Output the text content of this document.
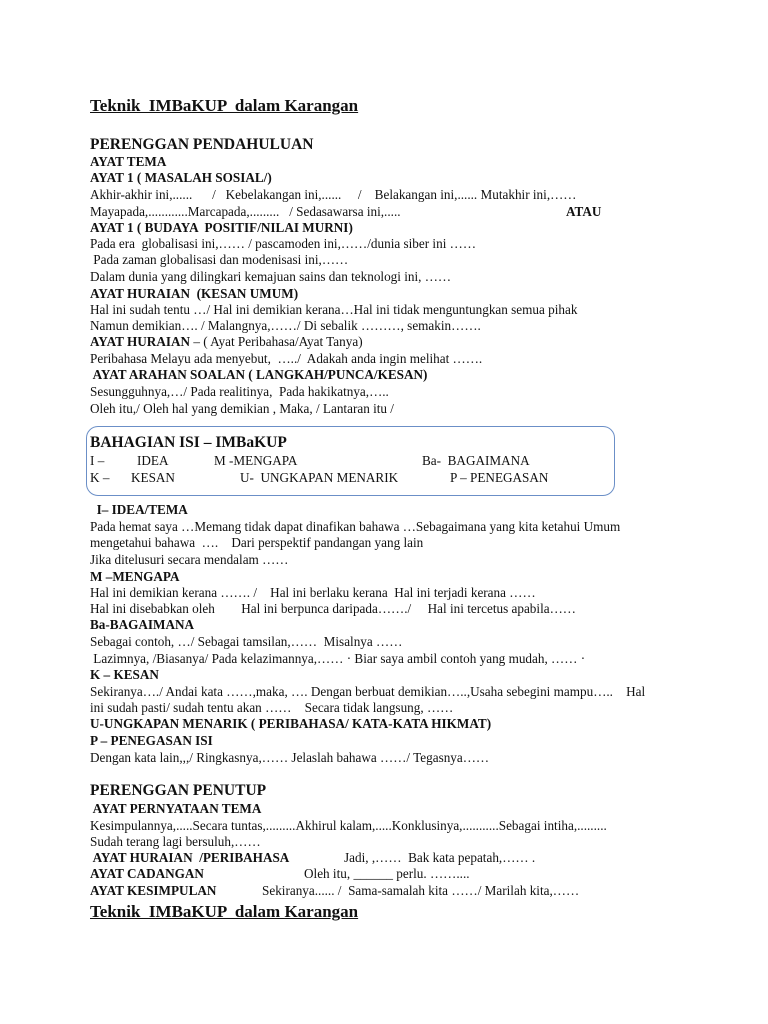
Teknik  IMBaKUP  dalam Karangan
PERENGGAN PENDAHULUAN
AYAT TEMA
AYAT 1 ( MASALAH SOSIAL/)
Akhir-akhir ini,......      /   Kebelakangan ini,......     /    Belakangan ini,...... Mutakhir ini,……
Mayapada,............Marcapada,.........   / Sedasawarsa ini,.....	ATAU
AYAT 1 ( BUDAYA  POSITIF/NILAI MURNI)
Pada era  globalisasi ini,…… / pascamoden ini,……/dunia siber ini ……
Pada zaman globalisasi dan modenisasi ini,……
Dalam dunia yang dilingkari kemajuan sains dan teknologi ini, ……
AYAT HURAIAN  (KESAN UMUM)
Hal ini sudah tentu …/ Hal ini demikian kerana…Hal ini tidak menguntungkan semua pihak
Namun demikian…. / Malangnya,……/ Di sebalik ………, semakin…….
AYAT HURAIAN – ( Ayat Peribahasa/Ayat Tanya)
Peribahasa Melayu ada menyebut,  …../  Adakah anda ingin melihat …….
AYAT ARAHAN SOALAN ( LANGKAH/PUNCA/KESAN)
Sesungguhnya,…/ Pada realitinya,  Pada hakikatnya,…..
Oleh itu,/ Oleh hal yang demikian , Maka, / Lantaran itu /
BAHAGIAN ISI – IMBaKUP
I – IDEA	M -MENGAPA	Ba-  BAGAIMANA
K – KESAN	U-  UNGKAPAN MENARIK	P – PENEGASAN
I– IDEA/TEMA
Pada hemat saya …Memang tidak dapat dinafikan bahawa …Sebagaimana yang kita ketahui Umum
mengetahui bahawa  ….    Dari perspektif pandangan yang lain
Jika ditelusuri secara mendalam ……
M –MENGAPA
Hal ini demikian kerana ……. /    Hal ini berlaku kerana  Hal ini terjadi kerana ……
Hal ini disebabkan oleh        Hal ini berpunca daripada……./     Hal ini tercetus apabila……
Ba-BAGAIMANA
Sebagai contoh, …/ Sebagai tamsilan,……  Misalnya ……
Lazimnya, /Biasanya/ Pada kelazimannya,…… · Biar saya ambil contoh yang mudah, …… ·
K – KESAN
Sekiranya…./ Andai kata ……,maka, …. Dengan berbuat demikian…..,Usaha sebegini mampu…..    Hal
ini sudah pasti/ sudah tentu akan ……    Secara tidak langsung, ……
U-UNGKAPAN MENARIK ( PERIBAHASA/ KATA-KATA HIKMAT)
P – PENEGASAN ISI
Dengan kata lain,,,/ Ringkasnya,…… Jelaslah bahawa ……/ Tegasnya……
PERENGGAN PENUTUP
AYAT PERNYATAAN TEMA
Kesimpulannya,.....Secara tuntas,.........Akhirul kalam,.....Konklusinya,...........Sebagai intiha,.........
Sudah terang lagi bersuluh,……
AYAT HURAIAN  /PERIBAHASA	Jadi, ,……  Bak kata pepatah,…… .
AYAT CADANGAN	Oleh itu, ______ perlu. ……....
AYAT KESIMPULAN	Sekiranya...... /  Sama-samalah kita ……/ Marilah kita,……
Teknik  IMBaKUP  dalam Karangan
